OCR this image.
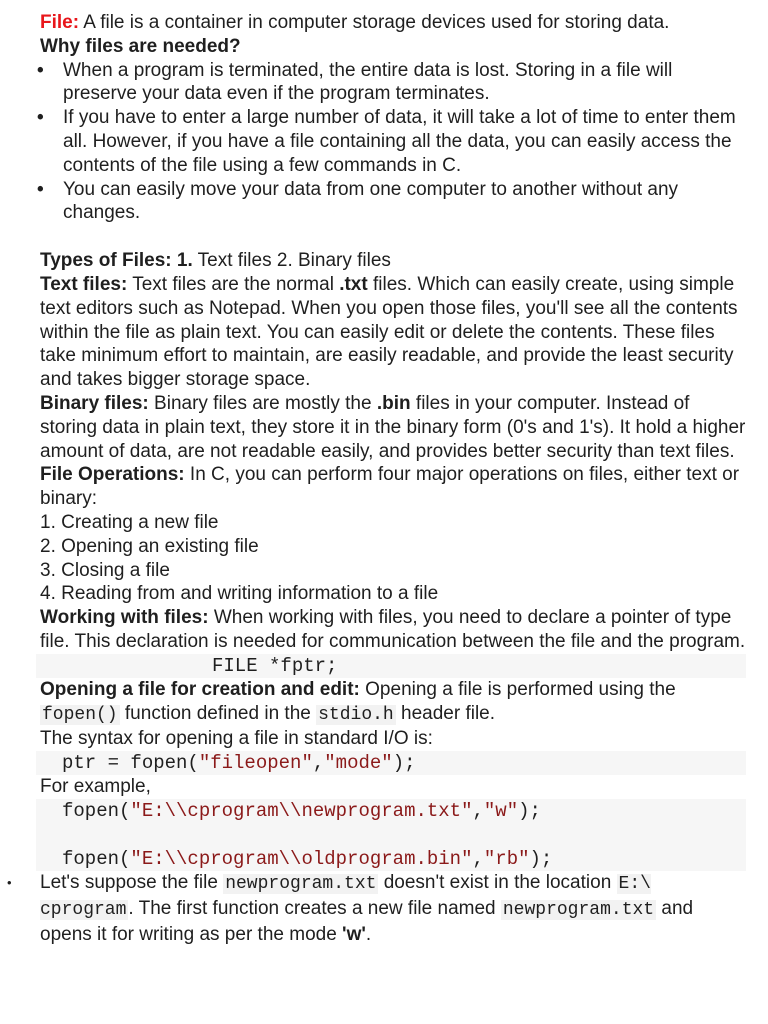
File: A file is a container in computer storage devices used for storing data.

Why files are needed?

• When a program is terminated, the entire data is lost. Storing in a file will preserve your data even if the program terminates.
• If you have to enter a large number of data, it will take a lot of time to enter them all. However, if you have a file containing all the data, you can easily access the contents of the file using a few commands in C.
• You can easily move your data from one computer to another without any changes.

Types of Files: 1. Text files 2. Binary files

Text files: Text files are the normal .txt files. Which can easily create, using simple text editors such as Notepad. When you open those files, you'll see all the contents within the file as plain text. You can easily edit or delete the contents. These files take minimum effort to maintain, are easily readable, and provide the least security and takes bigger storage space.

Binary files: Binary files are mostly the .bin files in your computer. Instead of storing data in plain text, they store it in the binary form (0's and 1's). It hold a higher amount of data, are not readable easily, and provides better security than text files.

File Operations: In C, you can perform four major operations on files, either text or binary:

1. Creating a new file

2. Opening an existing file

3. Closing a file

4. Reading from and writing information to a file

Working with files: When working with files, you need to declare a pointer of type file. This declaration is needed for communication between the file and the program.

FILE *fptr;

Opening a file for creation and edit: Opening a file is performed using the fopen() function defined in the stdio.h header file.

The syntax for opening a file in standard I/O is:

ptr = fopen("fileopen","mode");

For example,

fopen("E:\\cprogram\\newprogram.txt","w");
fopen("E:\\cprogram\\oldprogram.bin","rb");

• Let's suppose the file newprogram.txt doesn't exist in the location E:\ cprogram . The first function creates a new file named newprogram.txt and opens it for writing as per the mode 'w'.
